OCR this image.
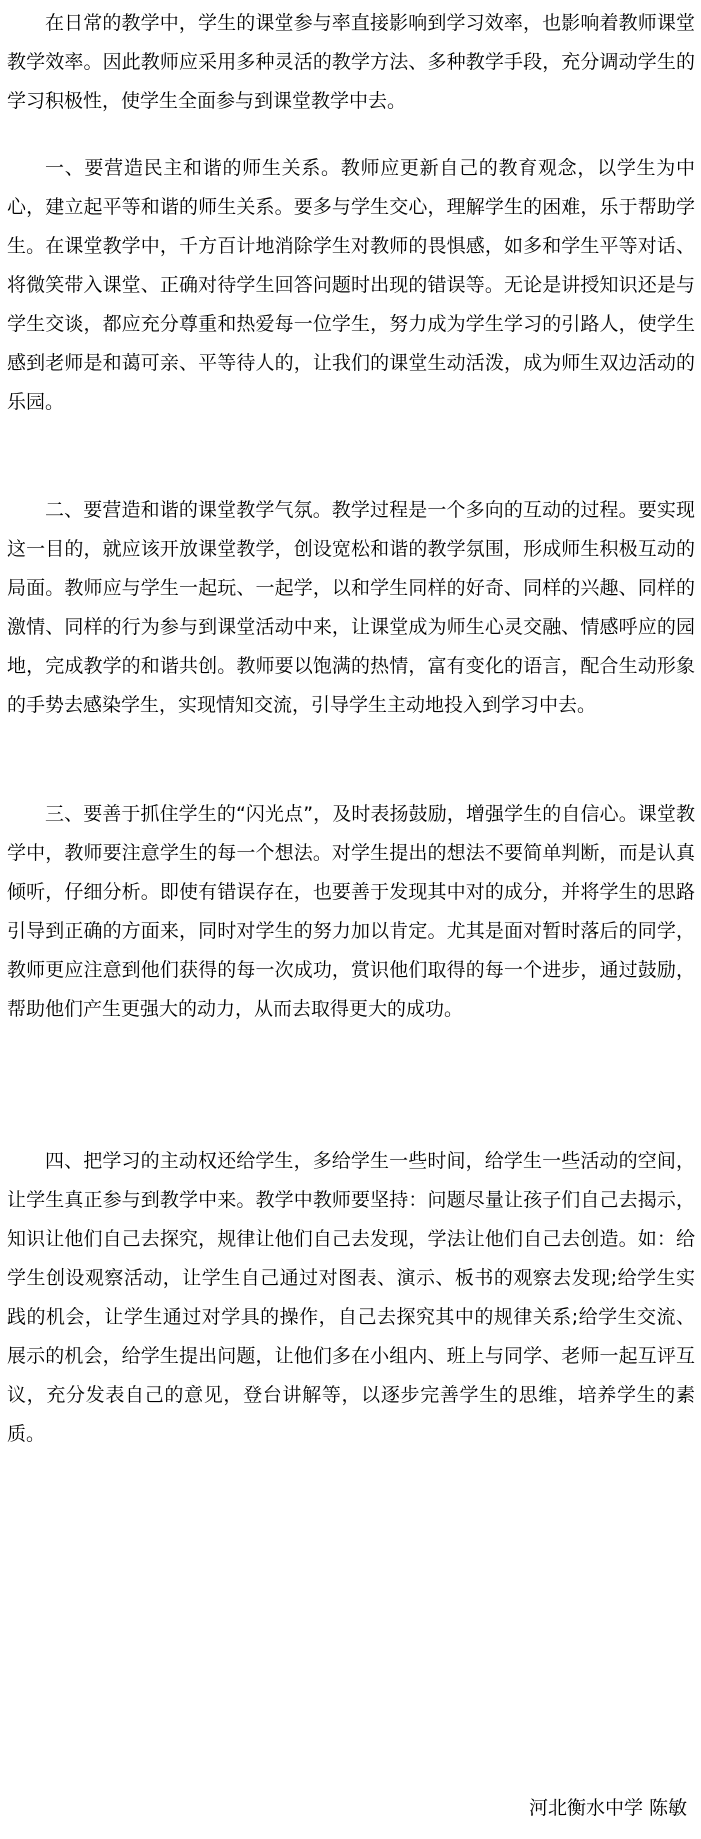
在日常的教学中，学生的课堂参与率直接影响到学习效率，也影响着教师课堂教学效率。因此教师应采用多种灵活的教学方法、多种教学手段，充分调动学生的学习积极性，使学生全面参与到课堂教学中去。

一、要营造民主和谐的师生关系。教师应更新自己的教育观念，以学生为中心，建立起平等和谐的师生关系。要多与学生交心，理解学生的困难，乐于帮助学生。在课堂教学中，千方百计地消除学生对教师的畏惧感，如多和学生平等对话、将微笑带入课堂、正确对待学生回答问题时出现的错误等。无论是讲授知识还是与学生交谈，都应充分尊重和热爱每一位学生，努力成为学生学习的引路人，使学生感到老师是和蔼可亲、平等待人的，让我们的课堂生动活泼，成为师生双边活动的乐园。

二、要营造和谐的课堂教学气氛。教学过程是一个多向的互动的过程。要实现这一目的，就应该开放课堂教学，创设宽松和谐的教学氛围，形成师生积极互动的局面。教师应与学生一起玩、一起学，以和学生同样的好奇、同样的兴趣、同样的激情、同样的行为参与到课堂活动中来，让课堂成为师生心灵交融、情感呼应的园地，完成教学的和谐共创。教师要以饱满的热情，富有变化的语言，配合生动形象的手势去感染学生，实现情知交流，引导学生主动地投入到学习中去。

三、要善于抓住学生的“闪光点”，及时表扬鼓励，增强学生的自信心。课堂教学中，教师要注意学生的每一个想法。对学生提出的想法不要简单判断，而是认真倾听，仔细分析。即使有错误存在，也要善于发现其中对的成分，并将学生的思路引导到正确的方面来，同时对学生的努力加以肯定。尤其是面对暂时落后的同学，教师更应注意到他们获得的每一次成功，赏识他们取得的每一个进步，通过鼓励，帮助他们产生更强大的动力，从而去取得更大的成功。

四、把学习的主动权还给学生，多给学生一些时间，给学生一些活动的空间，让学生真正参与到教学中来。教学中教师要坚持：问题尽量让孩子们自己去揭示，知识让他们自己去探究，规律让他们自己去发现，学法让他们自己去创造。如：给学生创设观察活动，让学生自己通过对图表、演示、板书的观察去发现;给学生实践的机会，让学生通过对学具的操作，自己去探究其中的规律关系;给学生交流、展示的机会，给学生提出问题，让他们多在小组内、班上与同学、老师一起互评互议，充分发表自己的意见，登台讲解等，以逐步完善学生的思维，培养学生的素质。

河北衡水中学 陈敏
